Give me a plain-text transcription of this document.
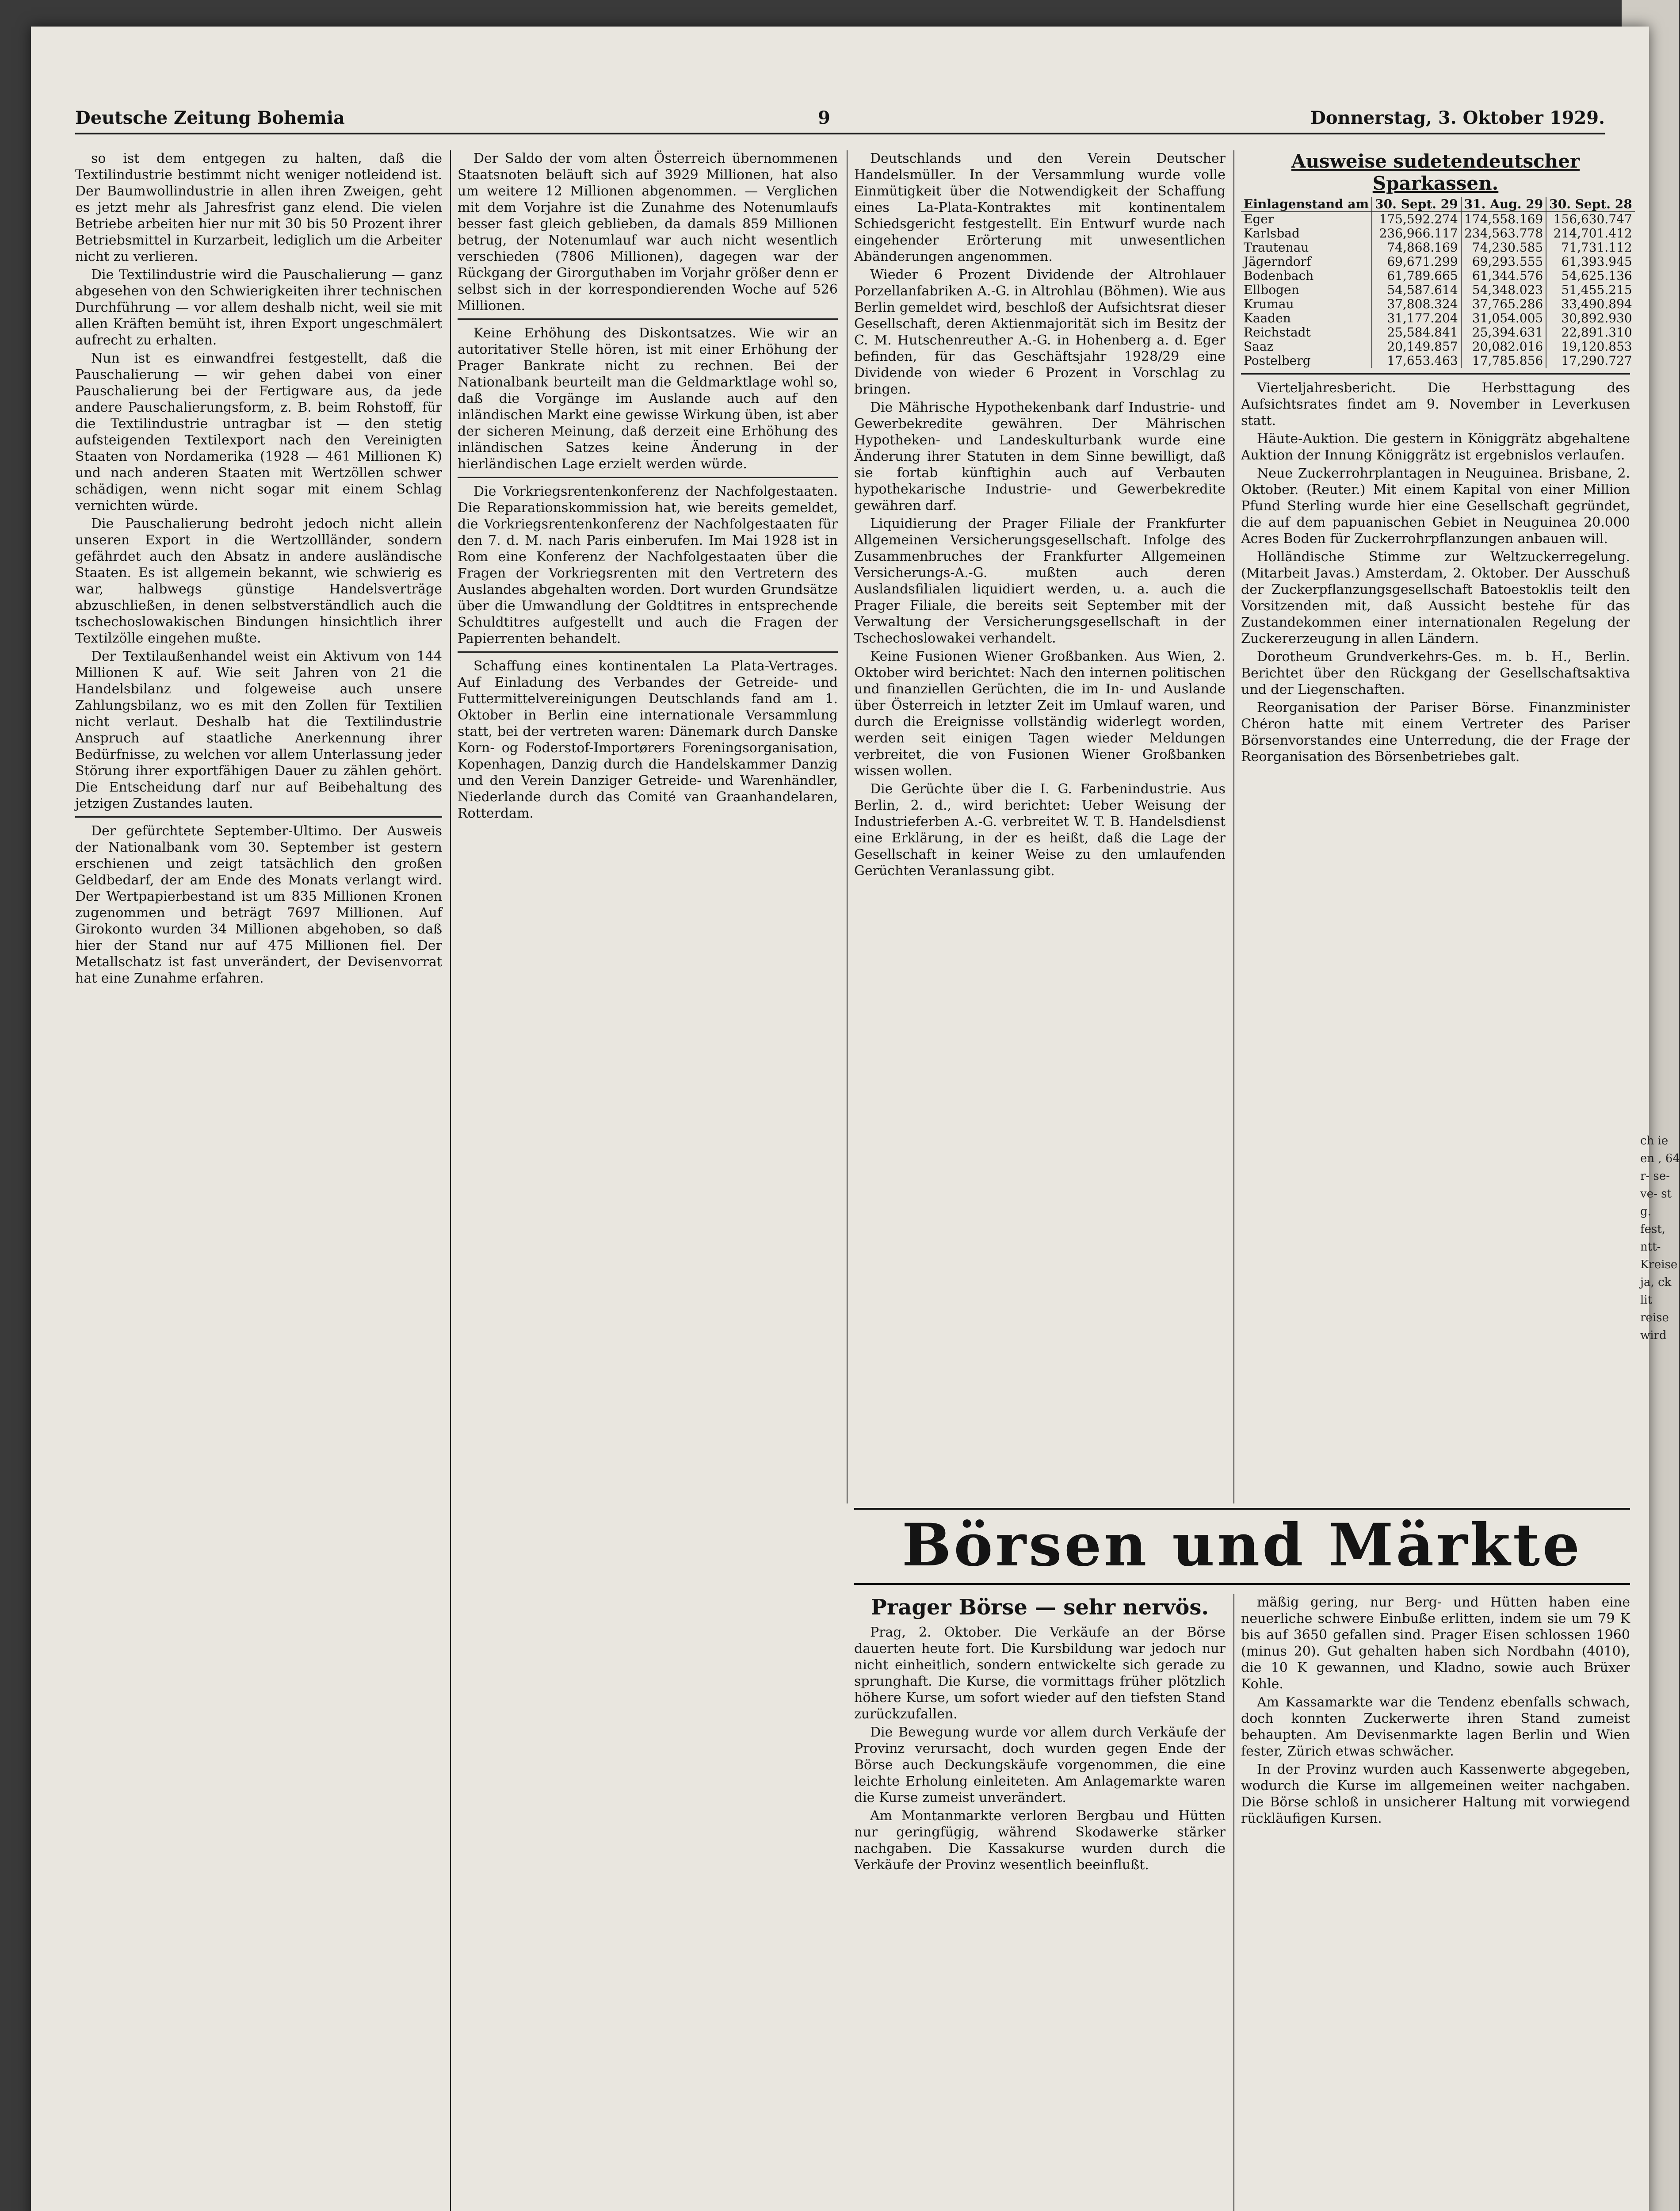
Deutsche Zeitung Bohemia	9	Donnerstag, 3. Oktober 1929.

so ist dem entgegen zu halten, daß die Textilindustrie bestimmt nicht weniger notleidend ist. Der Baumwollindustrie in allen ihren Zweigen, geht es jetzt mehr als Jahresfrist ganz elend. Die vielen Betriebe arbeiten hier nur mit 30 bis 50 Prozent ihrer Betriebsmittel in Kurzarbeit, lediglich um die Arbeiter nicht zu verlieren.

Die Textilindustrie wird die Pauschalierung — ganz abgesehen von den Schwierigkeiten ihrer technischen Durchführung — vor allem deshalb nicht, weil sie mit allen Kräften bemüht ist, ihren Export ungeschmälert aufrecht zu erhalten.

Nun ist es einwandfrei festgestellt, daß die Pauschalierung — wir gehen dabei von einer Pauschalierung bei der Fertigware aus, da jede andere Pauschalierungsform, z. B. beim Rohstoff, für die Textilindustrie untragbar ist — den stetig aufsteigenden Textilexport nach den Vereinigten Staaten von Nordamerika (1928 — 461 Millionen K) und nach anderen Staaten mit Wertzöllen schwer schädigen, wenn nicht sogar mit einem Schlag vernichten würde.

Die Pauschalierung bedroht jedoch nicht allein unseren Export in die Wertzollländer, sondern gefährdet auch den Absatz in andere ausländische Staaten. Es ist allgemein bekannt, wie schwierig es war, halbwegs günstige Handelsverträge abzuschließen, in denen selbstverständlich auch die tschechoslowakischen Bindungen hinsichtlich ihrer Textilzölle eingehen mußte.

Der Textilaußenhandel weist ein Aktivum von 144 Millionen K auf. Wie seit Jahren von 21 die Handelsbilanz und folgeweise auch unsere Zahlungsbilanz, wo es mit den Zollen für Textilien nicht verlaut. Deshalb hat die Textilindustrie Anspruch auf staatliche Anerkennung ihrer Bedürfnisse, zu welchen vor allem Unterlassung jeder Störung ihrer exportfähigen Dauer zu zählen gehört. Die Entscheidung darf nur auf Beibehaltung des jetzigen Zustandes lauten.

Der gefürchtete September-Ultimo. Der Ausweis der Nationalbank vom 30. September ist gestern erschienen und zeigt tatsächlich den großen Geldbedarf, der am Ende des Monats verlangt wird. Der Wertpapierbestand ist um 835 Millionen Kronen zugenommen und beträgt 7697 Millionen. Auf Girokonto wurden 34 Millionen abgehoben, so daß hier der Stand nur auf 475 Millionen fiel. Der Metallschatz ist fast unverändert, der Devisenvorrat hat eine Zunahme erfahren.

Der Saldo der vom alten Österreich übernommenen Staatsnoten beläuft sich auf 3929 Millionen, hat also um weitere 12 Millionen abgenommen. — Verglichen mit dem Vorjahre ist die Zunahme des Notenumlaufs besser fast gleich geblieben, da damals 859 Millionen betrug, der Notenumlauf war auch nicht wesentlich verschieden (7806 Millionen), dagegen war der Rückgang der Girorguthaben im Vorjahr größer denn er selbst sich in der korrespondierenden Woche auf 526 Millionen.

Keine Erhöhung des Diskontsatzes. Wie wir an autoritativer Stelle hören, ist mit einer Erhöhung der Prager Bankrate nicht zu rechnen. Bei der Nationalbank beurteilt man die Geldmarktlage wohl so, daß die Vorgänge im Auslande auch auf den inländischen Markt eine gewisse Wirkung üben, ist aber der sicheren Meinung, daß derzeit eine Erhöhung des inländischen Satzes keine Änderung in der hierländischen Lage erzielt werden würde.

Die Vorkriegsrentenkonferenz der Nachfolgestaaten. Die Reparationskommission hat, wie bereits gemeldet, die Vorkriegsrentenkonferenz der Nachfolgestaaten für den 7. d. M. nach Paris einberufen. Im Mai 1928 ist in Rom eine Konferenz der Nachfolgestaaten über die Fragen der Vorkriegsrenten mit den Vertretern des Auslandes abgehalten worden. Dort wurden Grundsätze über die Umwandlung der Goldtitres in entsprechende Schuldtitres aufgestellt und auch die Fragen der Papierrenten behandelt.

Schaffung eines kontinentalen La Plata-Vertrages. Auf Einladung des Verbandes der Getreide- und Futtermittelvereinigungen Deutschlands fand am 1. Oktober in Berlin eine internationale Versammlung statt, bei der vertreten waren: Dänemark durch Danske Korn- og Foderstof-Importørers Foreningsorganisation, Kopenhagen, Danzig durch die Handelskammer Danzig und den Verein Danziger Getreide- und Warenhändler, Niederlande durch das Comité van Graanhandelaren, Rotterdam.

Deutschlands und den Verein Deutscher Handelsmüller. In der Versammlung wurde volle Einmütigkeit über die Notwendigkeit der Schaffung eines La-Plata-Kontraktes mit kontinentalem Schiedsgericht festgestellt. Ein Entwurf wurde nach eingehender Erörterung mit unwesentlichen Abänderungen angenommen.

Wieder 6 Prozent Dividende der Altrohlauer Porzellanfabriken A.-G. in Altrohlau (Böhmen). Wie aus Berlin gemeldet wird, beschloß der Aufsichtsrat dieser Gesellschaft, deren Aktienmajorität sich im Besitz der C. M. Hutschenreuther A.-G. in Hohenberg a. d. Eger befinden, für das Geschäftsjahr 1928/29 eine Dividende von wieder 6 Prozent in Vorschlag zu bringen.

Die Mährische Hypothekenbank darf Industrie- und Gewerbekredite gewähren. Der Mährischen Hypotheken- und Landeskulturbank wurde eine Änderung ihrer Statuten in dem Sinne bewilligt, daß sie fortab künftighin auch auf Verbauten hypothekarische Industrie- und Gewerbekredite gewähren darf.

Liquidierung der Prager Filiale der Frankfurter Allgemeinen Versicherungsgesellschaft. Infolge des Zusammenbruches der Frankfurter Allgemeinen Versicherungs-A.-G. mußten auch deren Auslandsfilialen liquidiert werden, u. a. auch die Prager Filiale, die bereits seit September mit der Verwaltung der Versicherungsgesellschaft in der Tschechoslowakei verhandelt.

Keine Fusionen Wiener Großbanken. Aus Wien, 2. Oktober wird berichtet: Nach den internen politischen und finanziellen Gerüchten, die im In- und Auslande über Österreich in letzter Zeit im Umlauf waren, und durch die Ereignisse vollständig widerlegt worden, werden seit einigen Tagen wieder Meldungen verbreitet, die von Fusionen Wiener Großbanken wissen wollen.

Die Gerüchte über die I. G. Farbenindustrie. Aus Berlin, 2. d., wird berichtet: Ueber Weisung der Industrieferben A.-G. verbreitet W. T. B. Handelsdienst eine Erklärung, in der es heißt, daß die Lage der Gesellschaft in keiner Weise zu den umlaufenden Gerüchten Veranlassung gibt.

Ausweise sudetendeutscher Sparkassen.
Einlagenstand am	30. Sept. 29	31. Aug. 29	30. Sept. 28
Eger	175,592.274	174,558.169	156,630.747
Karlsbad	236,966.117	234,563.778	214,701.412
Trautenau	74,868.169	74,230.585	71,731.112
Jägerndorf	69,671.299	69,293.555	61,393.945
Bodenbach	61,789.665	61,344.576	54,625.136
Ellbogen	54,587.614	54,348.023	51,455.215
Krumau	37,808.324	37,765.286	33,490.894
Kaaden	31,177.204	31,054.005	30,892.930
Reichstadt	25,584.841	25,394.631	22,891.310
Saaz	20,149.857	20,082.016	19,120.853
Postelberg	17,653.463	17,785.856	17,290.727

Vierteljahresbericht. Die Herbsttagung des Aufsichtsrates findet am 9. November in Leverkusen statt.

Häute-Auktion. Die gestern in Königgrätz abgehaltene Auktion der Innung Königgrätz ist ergebnislos verlaufen.

Neue Zuckerrohrplantagen in Neuguinea. Brisbane, 2. Oktober. (Reuter.) Mit einem Kapital von einer Million Pfund Sterling wurde hier eine Gesellschaft gegründet, die auf dem papuanischen Gebiet in Neuguinea 20.000 Acres Boden für Zuckerrohrpflanzungen anbauen will.

Holländische Stimme zur Weltzuckerregelung. (Mitarbeit Javas.) Amsterdam, 2. Oktober. Der Ausschuß der Zuckerpflanzungsgesellschaft Batoestoklis teilt den Vorsitzenden mit, daß Aussicht bestehe für das Zustandekommen einer internationalen Regelung der Zuckererzeugung in allen Ländern.

Dorotheum Grundverkehrs-Ges. m. b. H., Berlin. Berichtet über den Rückgang der Gesellschaftsaktiva und der Liegenschaften.

Reorganisation der Pariser Börse. Finanzminister Chéron hatte mit einem Vertreter des Pariser Börsenvorstandes eine Unterredung, die der Frage der Reorganisation des Börsenbetriebes galt.

Börsen und Märkte
Prager Börse — sehr nervös.

Prag, 2. Oktober. Die Verkäufe an der Börse dauerten heute fort. Die Kursbildung war jedoch nur nicht einheitlich, sondern entwickelte sich gerade zu sprunghaft. Die Kurse, die vormittags früher plötzlich höhere Kurse, um sofort wieder auf den tiefsten Stand zurückzufallen.

Die Bewegung wurde vor allem durch Verkäufe der Provinz verursacht, doch wurden gegen Ende der Börse auch Deckungskäufe vorgenommen, die eine leichte Erholung einleiteten. Am Anlagemarkte waren die Kurse zumeist unverändert.

Am Montanmarkte verloren Bergbau und Hütten nur geringfügig, während Skodawerke stärker nachgaben. Die Kassakurse wurden durch die Verkäufe der Provinz wesentlich beeinflußt.

mäßig gering, nur Berg- und Hütten haben eine neuerliche schwere Einbuße erlitten, indem sie um 79 K bis auf 3650 gefallen sind. Prager Eisen schlossen 1960 (minus 20). Gut gehalten haben sich Nordbahn (4010), die 10 K gewannen, und Kladno, sowie auch Brüxer Kohle.

Am Kassamarkte war die Tendenz ebenfalls schwach, doch konnten Zuckerwerte ihren Stand zumeist behaupten. Am Devisenmarkte lagen Berlin und Wien fester, Zürich etwas schwächer.

In der Provinz wurden auch Kassenwerte abgegeben, wodurch die Kurse im allgemeinen weiter nachgaben. Die Börse schloß in unsicherer Haltung mit vorwiegend rückläufigen Kursen.

ch ie en , 64 r- se- ve- st g. fest, ntt- Kreise ja, ck lit reise wird
